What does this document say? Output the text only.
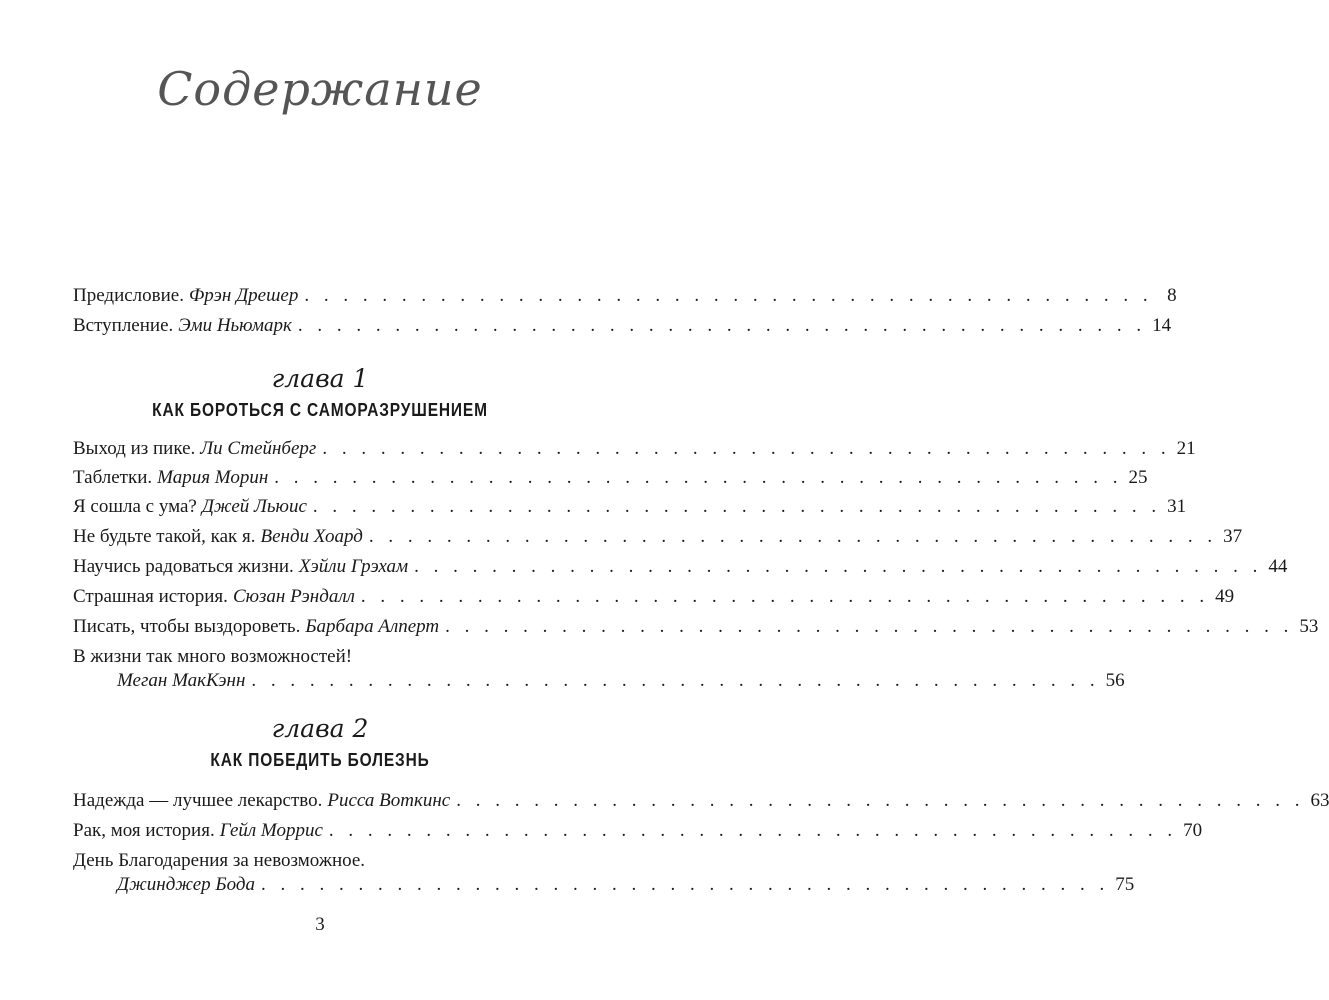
Содержание
Предисловие. Фрэн Дрешер . . . . . . . . . . . . . . . . . . . . . . . . . . . . . . . . . . . . . . . . . . . . 8
Вступление. Эми Ньюмарк . . . . . . . . . . . . . . . . . . . . . . . . . . . . . . . . . . . . . . . . . . . . 14
глава 1
КАК БОРОТЬСЯ С САМОРАЗРУШЕНИЕМ
Выход из пике. Ли Стейнберг . . . . . . . . . . . . . . . . . . . . . . . . . . . . . . . . . . . . . . . . . . . . 21
Таблетки. Мария Морин . . . . . . . . . . . . . . . . . . . . . . . . . . . . . . . . . . . . . . . . . . . . 25
Я сошла с ума? Джей Льюис . . . . . . . . . . . . . . . . . . . . . . . . . . . . . . . . . . . . . . . . . . . . 31
Не будьте такой, как я. Венди Хоард . . . . . . . . . . . . . . . . . . . . . . . . . . . . . . . . . . . . . . . . . . . . 37
Научись радоваться жизни. Хэйли Грэхам . . . . . . . . . . . . . . . . . . . . . . . . . . . . . . . . . . . . . . . . . . . . 44
Страшная история. Сюзан Рэндалл . . . . . . . . . . . . . . . . . . . . . . . . . . . . . . . . . . . . . . . . . . . . 49
Писать, чтобы выздороветь. Барбара Алперт . . . . . . . . . . . . . . . . . . . . . . . . . . . . . . . . . . . . . . . . . . . . 53
В жизни так много возможностей!
Меган МакКэнн . . . . . . . . . . . . . . . . . . . . . . . . . . . . . . . . . . . . . . . . . . . . 56
глава 2
КАК ПОБЕДИТЬ БОЛЕЗНЬ
Надежда — лучшее лекарство. Рисса Воткинс . . . . . . . . . . . . . . . . . . . . . . . . . . . . . . . . . . . . . . . . . . . . 63
Рак, моя история. Гейл Моррис . . . . . . . . . . . . . . . . . . . . . . . . . . . . . . . . . . . . . . . . . . . . 70
День Благодарения за невозможное.
Джинджер Бода . . . . . . . . . . . . . . . . . . . . . . . . . . . . . . . . . . . . . . . . . . . . 75
3
